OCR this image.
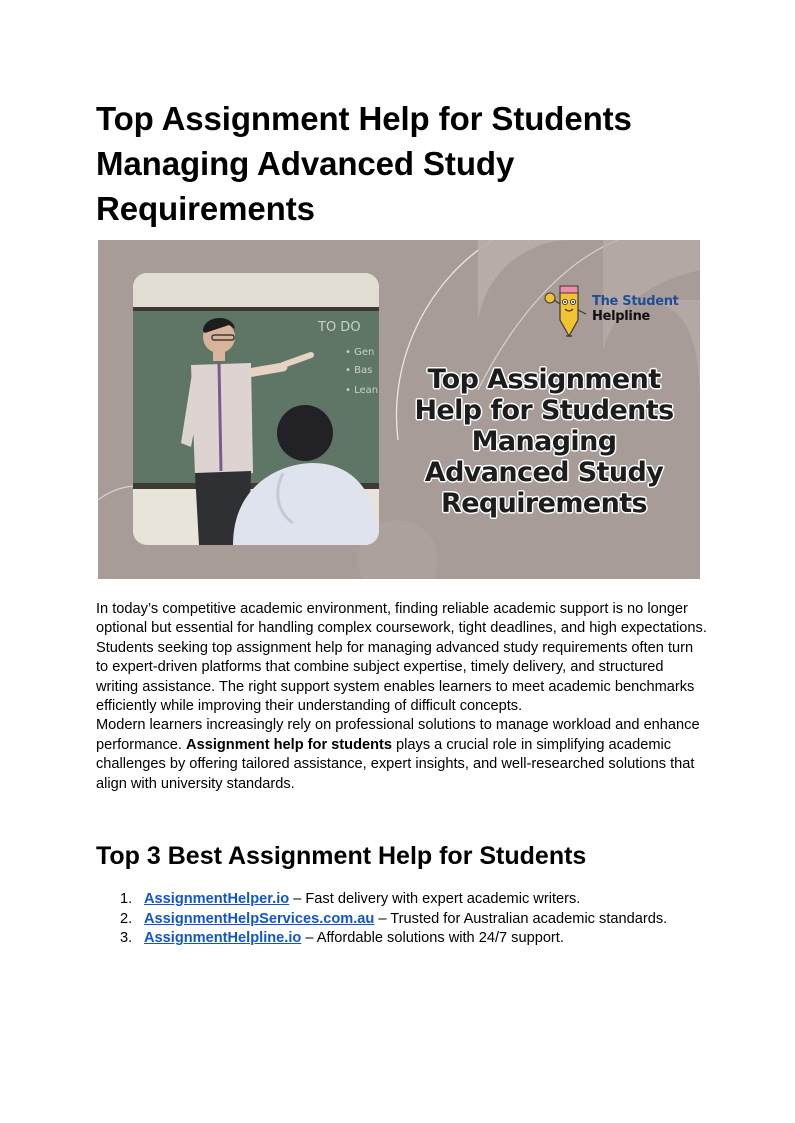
Top Assignment Help for Students Managing Advanced Study Requirements
TO DO
• Gen
• Bas
• Lean
The Student
Helpline
Top Assignment
Help for Students
Managing
Advanced Study
Requirements

In today’s competitive academic environment, finding reliable academic support is no longer optional but essential for handling complex coursework, tight deadlines, and high expectations. Students seeking top assignment help for managing advanced study requirements often turn to expert-driven platforms that combine subject expertise, timely delivery, and structured writing assistance. The right support system enables learners to meet academic benchmarks efficiently while improving their understanding of difficult concepts.

Modern learners increasingly rely on professional solutions to manage workload and enhance performance. Assignment help for students plays a crucial role in simplifying academic challenges by offering tailored assistance, expert insights, and well-researched solutions that align with university standards.

Top 3 Best Assignment Help for Students
1. AssignmentHelper.io – Fast delivery with expert academic writers.
2. AssignmentHelpServices.com.au – Trusted for Australian academic standards.
3. AssignmentHelpline.io – Affordable solutions with 24/7 support.
